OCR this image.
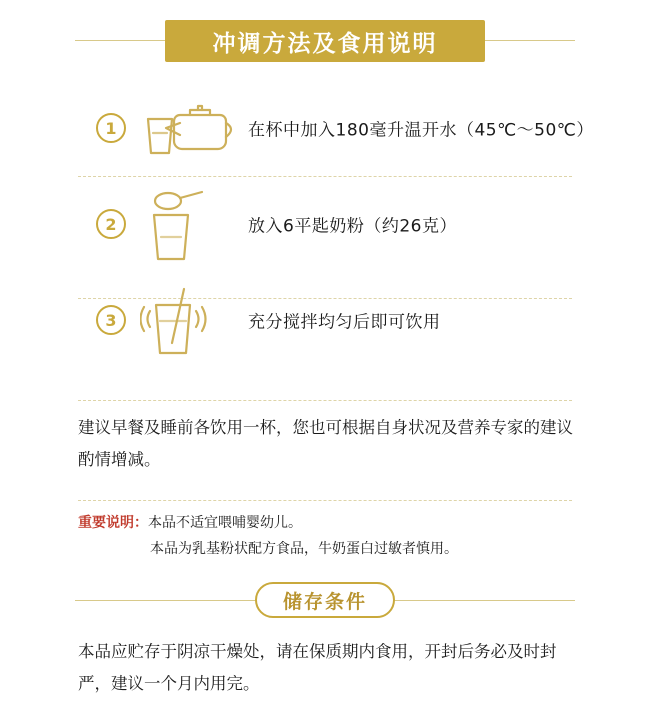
冲调方法及食用说明
1	在杯中加入180毫升温开水（45℃～50℃）
2	放入6平匙奶粉（约26克）
3	充分搅拌均匀后即可饮用
建议早餐及睡前各饮用一杯，您也可根据自身状况及营养专家的建议酌情增减。
重要说明：本品不适宜喂哺婴幼儿。
本品为乳基粉状配方食品，牛奶蛋白过敏者慎用。
储存条件
本品应贮存于阴凉干燥处，请在保质期内食用，开封后务必及时封严，建议一个月内用完。
